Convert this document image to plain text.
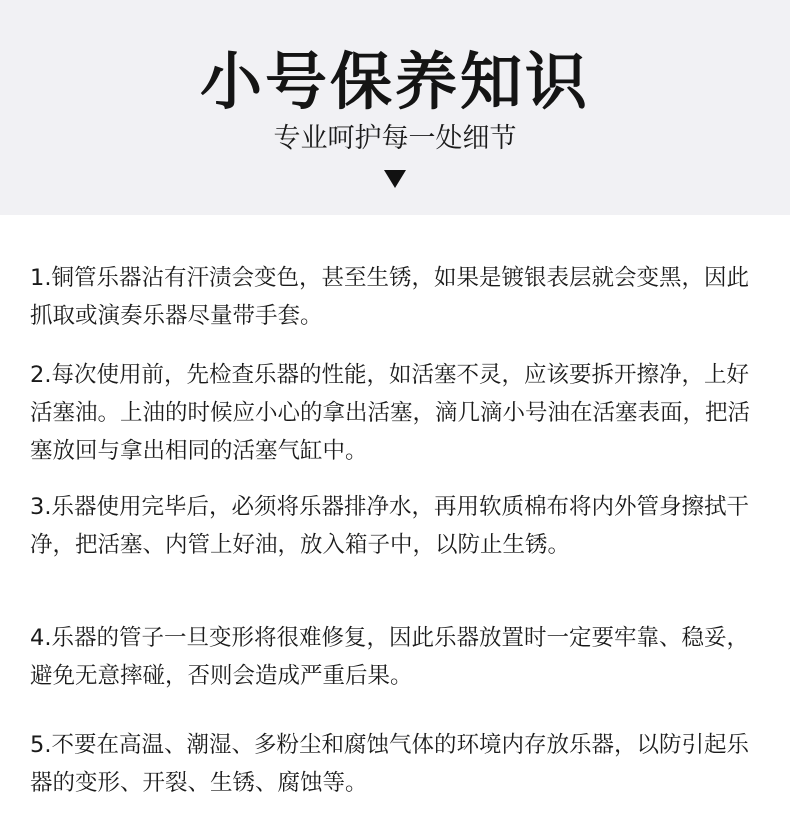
小号保养知识
专业呵护每一处细节

1.铜管乐器沾有汗渍会变色，甚至生锈，如果是镀银表层就会变黑，因此抓取或演奏乐器尽量带手套。

2.每次使用前，先检查乐器的性能，如活塞不灵，应该要拆开擦净，上好活塞油。上油的时候应小心的拿出活塞，滴几滴小号油在活塞表面，把活塞放回与拿出相同的活塞气缸中。

3.乐器使用完毕后，必须将乐器排净水，再用软质棉布将内外管身擦拭干净，把活塞、内管上好油，放入箱子中，以防止生锈。

4.乐器的管子一旦变形将很难修复，因此乐器放置时一定要牢靠、稳妥，避免无意摔碰，否则会造成严重后果。

5.不要在高温、潮湿、多粉尘和腐蚀气体的环境内存放乐器，以防引起乐器的变形、开裂、生锈、腐蚀等。
